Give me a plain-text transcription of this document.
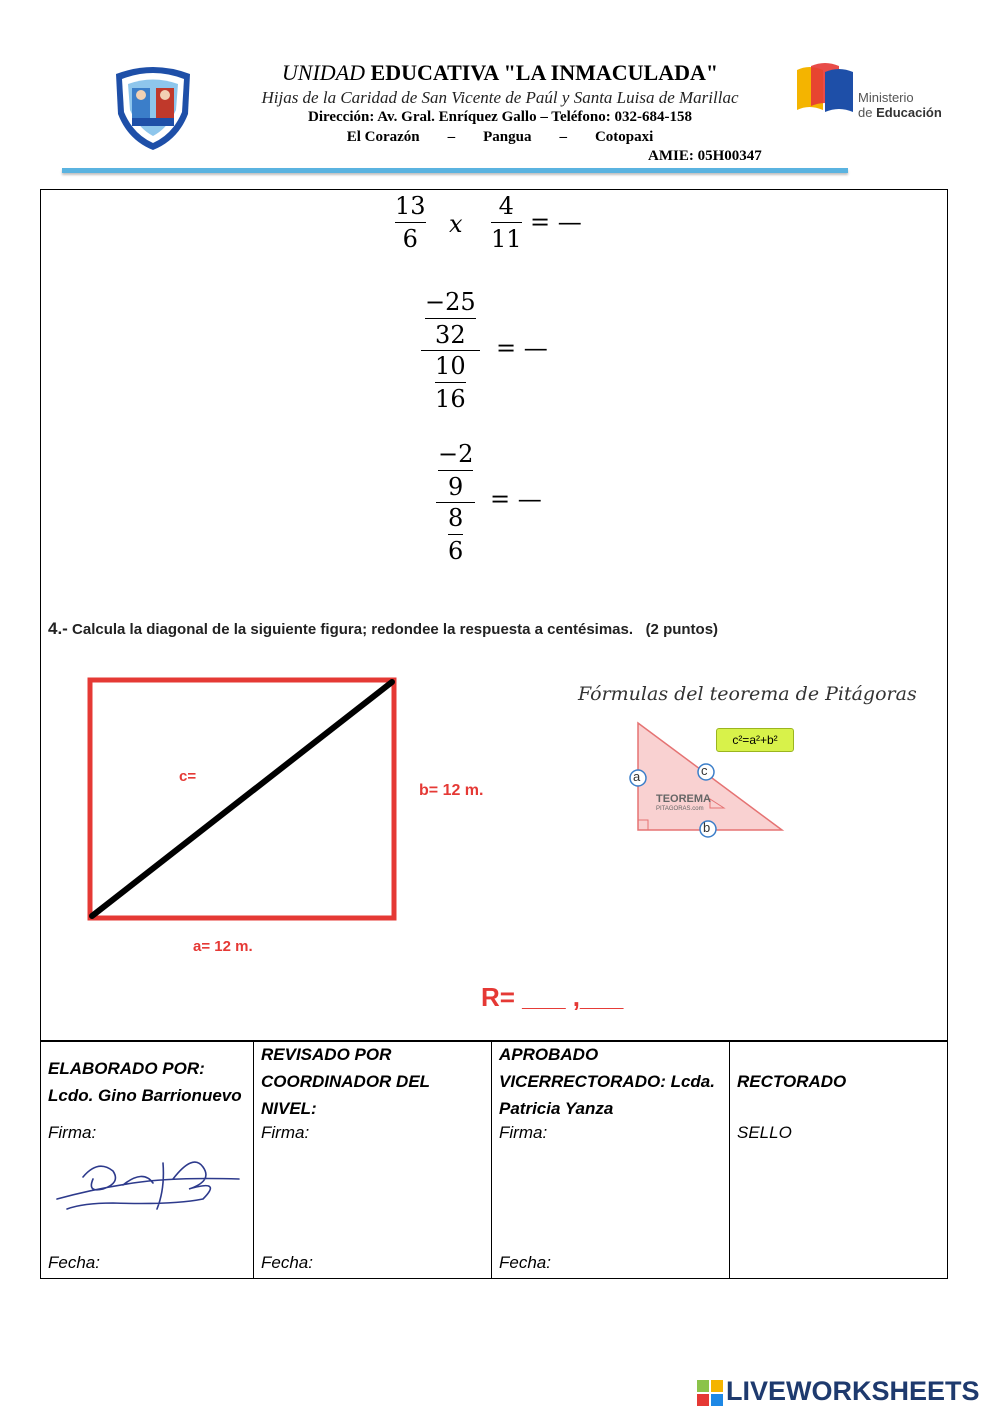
UNIDAD EDUCATIVA "LA INMACULADA"
Hijas de la Caridad de San Vicente de Paúl y Santa Luisa de Marillac
Dirección: Av. Gral. Enríquez Gallo – Teléfono: 032-684-158
El Corazón – Pangua – Cotopaxi
AMIE: 05H00347
Ministerio
de Educación
13
6
x
4
11
= —
$\frac{-25}{32}$
$\frac{10}{16}$
= —
$\frac{-2}{9}$
$\frac{8}{6}$
= —
4.- Calcula la diagonal de la siguiente figura; redondee la respuesta a centésimas. (2 puntos)
c=
b= 12 m.
a= 12 m.
Fórmulas del teorema de Pitágoras
a	c
b
TEOREMA
PITAGORAS.com
c²=a²+b²
R= ___ ,___
ELABORADO POR:
Lcdo. Gino Barrionuevo
Firma:
Fecha:

REVISADO POR
COORDINADOR DEL
NIVEL:
Firma:
Fecha:

APROBADO
VICERRECTORADO: Lcda.
Patricia Yanza
Firma:
Fecha:

RECTORADO
SELLO
LIVEWORKSHEETS
